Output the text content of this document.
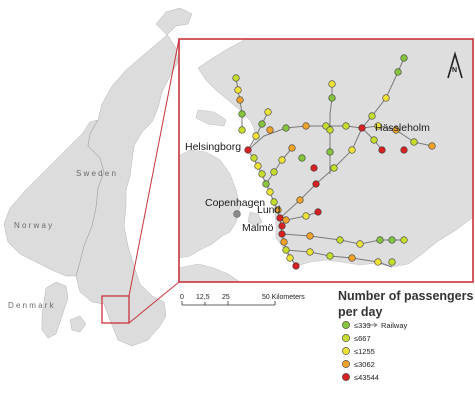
Sweden
Norway
Denmark
N
Helsingborg
Hässleholm
Copenhagen
Lund
Malmö
0 12,5 25	50 Kilometers	Number of passengers
per day
≤333
≤667
≤1255
≤3062
≤43544
Railway
